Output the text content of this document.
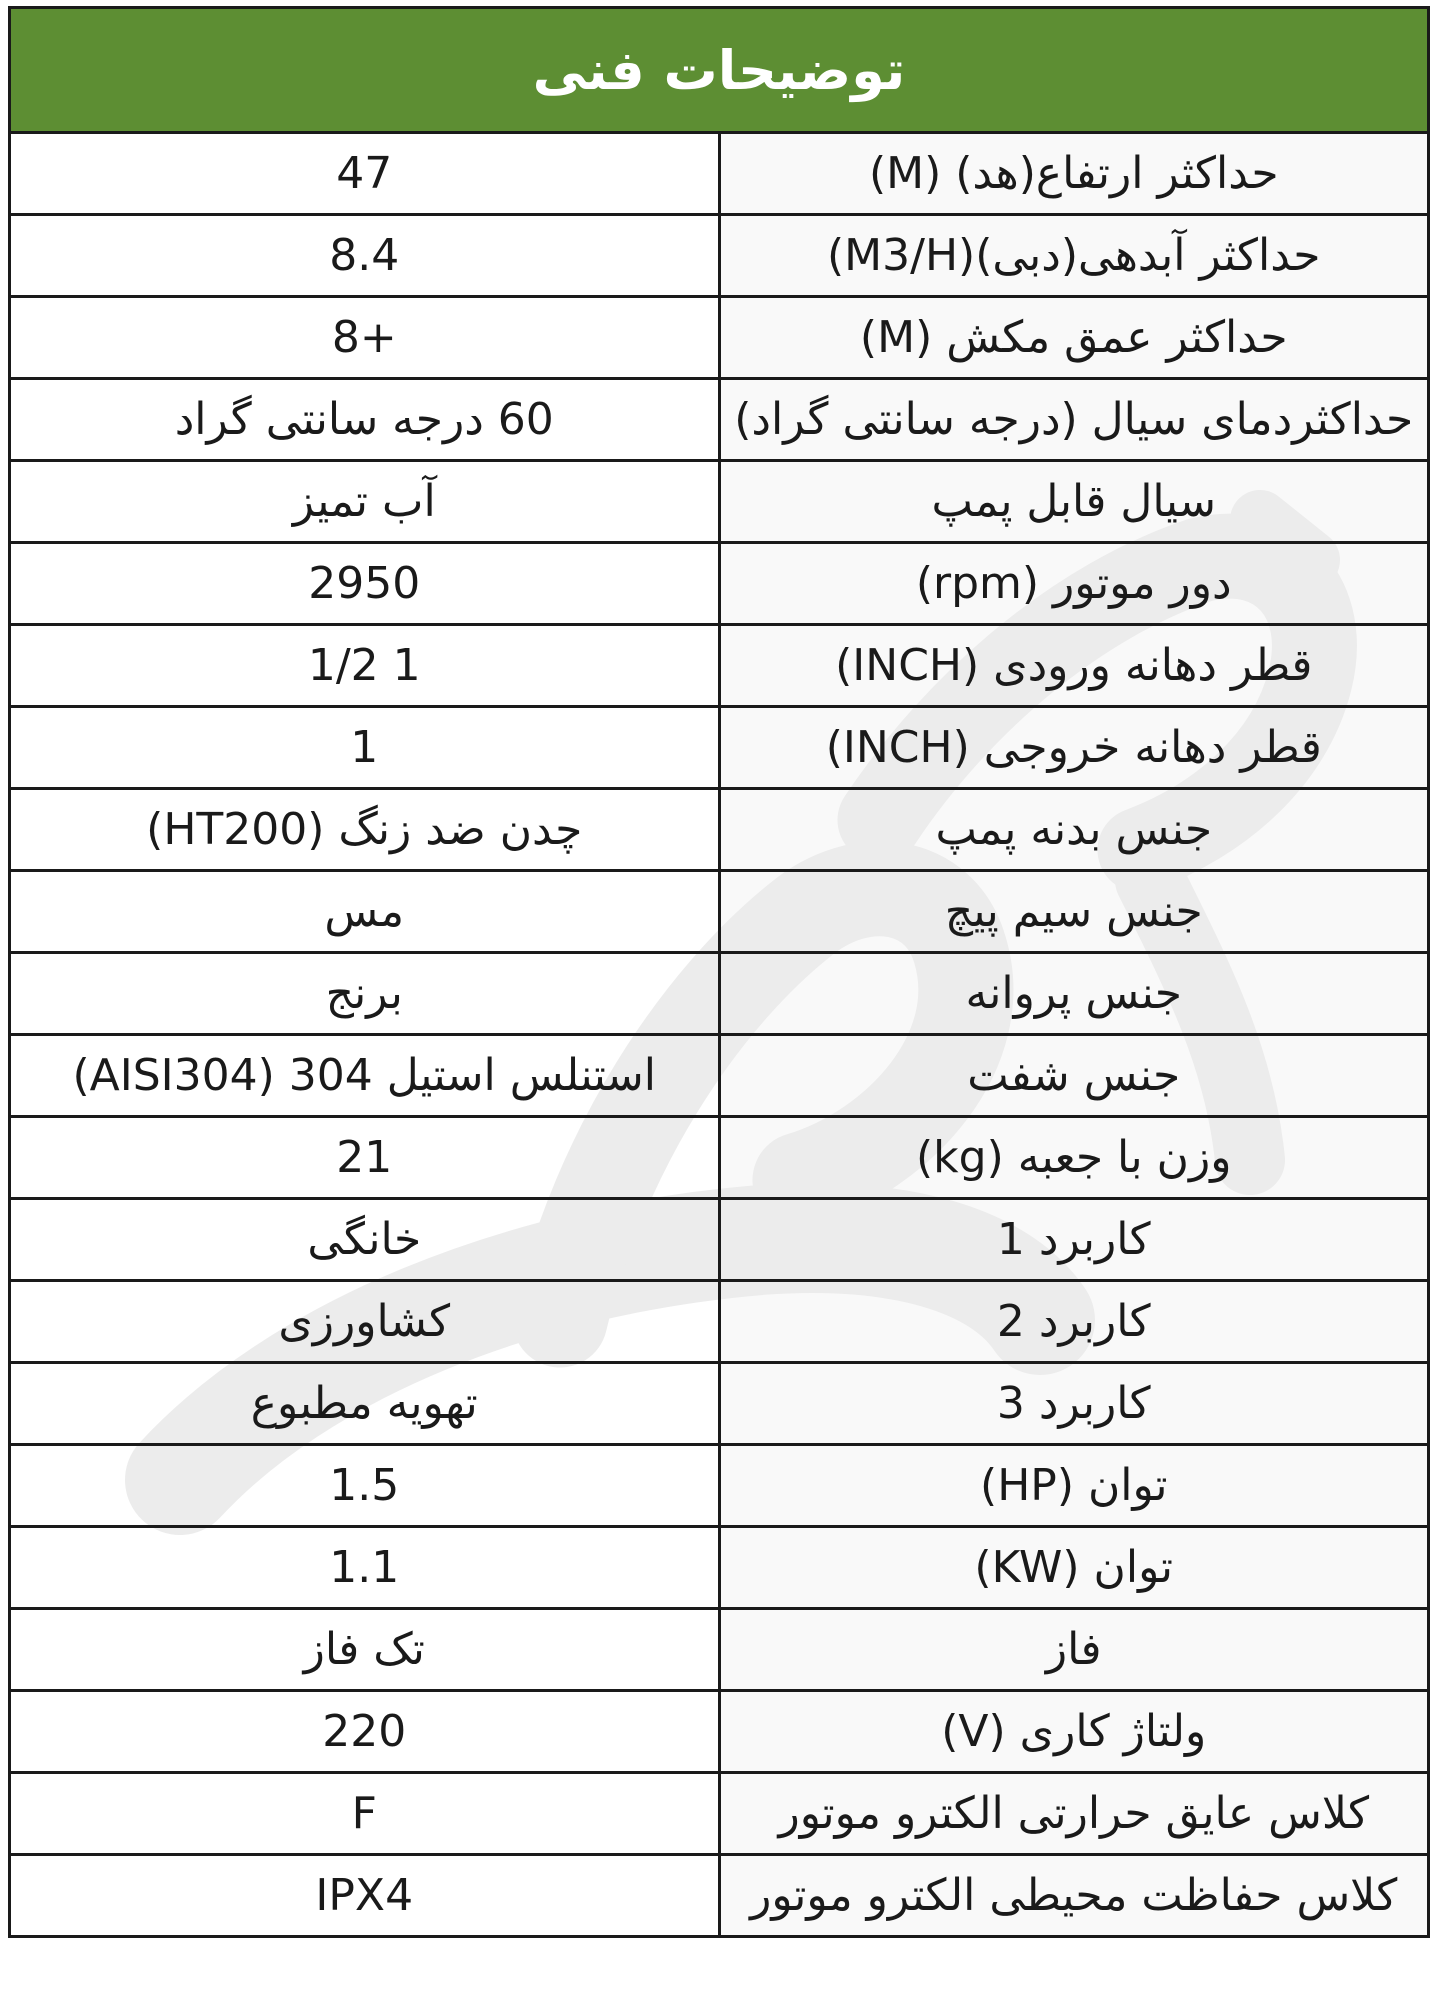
توضیحات فنی	
حداکثر ارتفاع(هد) (M)	47
حداکثر آبدهی(دبی)(M3/H)	8.4
حداکثر عمق مکش (M)	+8
حداکثردمای سیال (درجه سانتی گراد)	60 درجه سانتی گراد
سیال قابل پمپ	آب تمیز
دور موتور (rpm)	2950
قطر دهانه ورودی (INCH)	1 1/2
قطر دهانه خروجی (INCH)	1
جنس بدنه پمپ	چدن ضد زنگ (HT200)
جنس سیم پیچ	مس
جنس پروانه	برنج
جنس شفت	استنلس استیل 304 (AISI304)
وزن با جعبه (kg)	21
کاربرد 1	خانگی
کاربرد 2	کشاورزی
کاربرد 3	تهویه مطبوع
توان (HP)	1.5
توان (KW)	1.1
فاز	تک فاز
ولتاژ کاری (V)	220
کلاس عایق حرارتی الکترو موتور	F
کلاس حفاظت محیطی الکترو موتور	IPX4
